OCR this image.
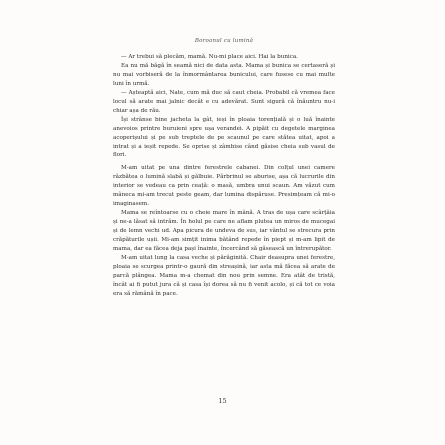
Boroanul cu lumină

— Ar trebui să plecăm, mamă. Nu-mi place aici. Hai la bunica.

Ea nu mă băgă în seamă nici de data asta. Mama și bunica se certaseră și nu mai vorbiseră de la înmormântarea bunicului, care fusese cu mai multe luni în urmă.

— Așteaptă aici, Nate, cum mă duc să caut cheia. Probabil că vremea face locul să arate mai jalnic decât e cu adevărat. Sunt sigură că înăuntru nu-i chiar așa de rău.

Își strânse bine jacheta la gât, ieși în ploaia torențială și o luă înainte anevoios printre buruieni spre ușa verandei. A pipăit cu degetele marginea acoperișului și pe sub treptele de pe scaunul pe care stătea uitat, apoi a intrat și a ieșit repede. Se oprise și zâmbise când găsise cheia sub vasul de flori.

M-am uitat pe una dintre ferestrele cabanei. Din colțul unei camere răzbătea o lumină slabă și gălbuie. Părbrinul se aburise, așa că lucrurile din interior se vedeau ca prin ceață: o masă, umbra unui scaun. Am văzut cum mâneca mi-am trecut peste geam, dar lumina dispăruse. Presimțeam că mi-o imaginasem.

Mama se reîntoarse cu o cheie mare în mână. A tras de ușa care scârțâia și ne-a lăsat să intrăm. În holul pe care ne aflam plutea un miros de mucegai și de lemn vechi ud. Apa picura de undeva de sus, iar vântul se strecura prin crăpăturile ușii. Mi-am simțit inima bătând repede în piept și m-am lipit de mama, dar ea făcea deja pași înainte, încercând să găsească un întrerupător.

M-am uitat lung la casa veche și părăginită. Chair deasupra unei ferestre, ploaia se scurgea printr-o gaură din streașină, iar asta mă făcea să arate de parcă plângea. Mama m-a chemat din nou prin semne. Era atât de tristă, încât ai fi putut jura că și casa își dorea să nu fi venit acolo, și că tot ce voia era să rămână în pace.

15
